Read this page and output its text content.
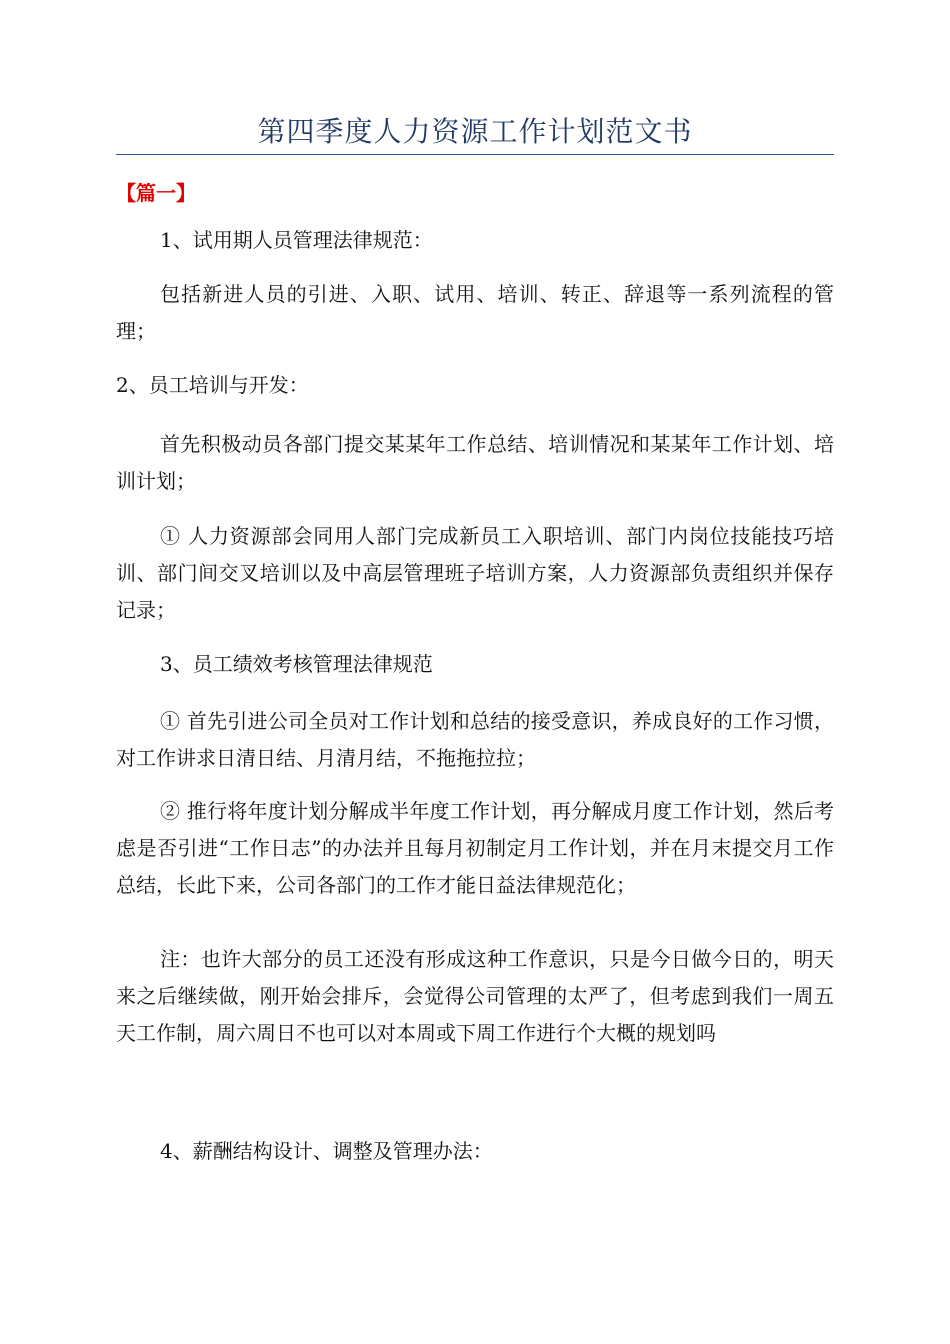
第四季度人力资源工作计划范文书
【篇一】

1、试用期人员管理法律规范：

包括新进人员的引进、入职、试用、培训、转正、辞退等一系列流程的管理；

2、员工培训与开发：

首先积极动员各部门提交某某年工作总结、培训情况和某某年工作计划、培训计划；

① 人力资源部会同用人部门完成新员工入职培训、部门内岗位技能技巧培训、部门间交叉培训以及中高层管理班子培训方案，人力资源部负责组织并保存记录；

3、员工绩效考核管理法律规范

① 首先引进公司全员对工作计划和总结的接受意识，养成良好的工作习惯，对工作讲求日清日结、月清月结，不拖拖拉拉；

② 推行将年度计划分解成半年度工作计划，再分解成月度工作计划，然后考虑是否引进“工作日志”的办法并且每月初制定月工作计划，并在月末提交月工作总结，长此下来，公司各部门的工作才能日益法律规范化；

注：也许大部分的员工还没有形成这种工作意识，只是今日做今日的，明天来之后继续做，刚开始会排斥，会觉得公司管理的太严了，但考虑到我们一周五天工作制，周六周日不也可以对本周或下周工作进行个大概的规划吗

4、薪酬结构设计、调整及管理办法：
